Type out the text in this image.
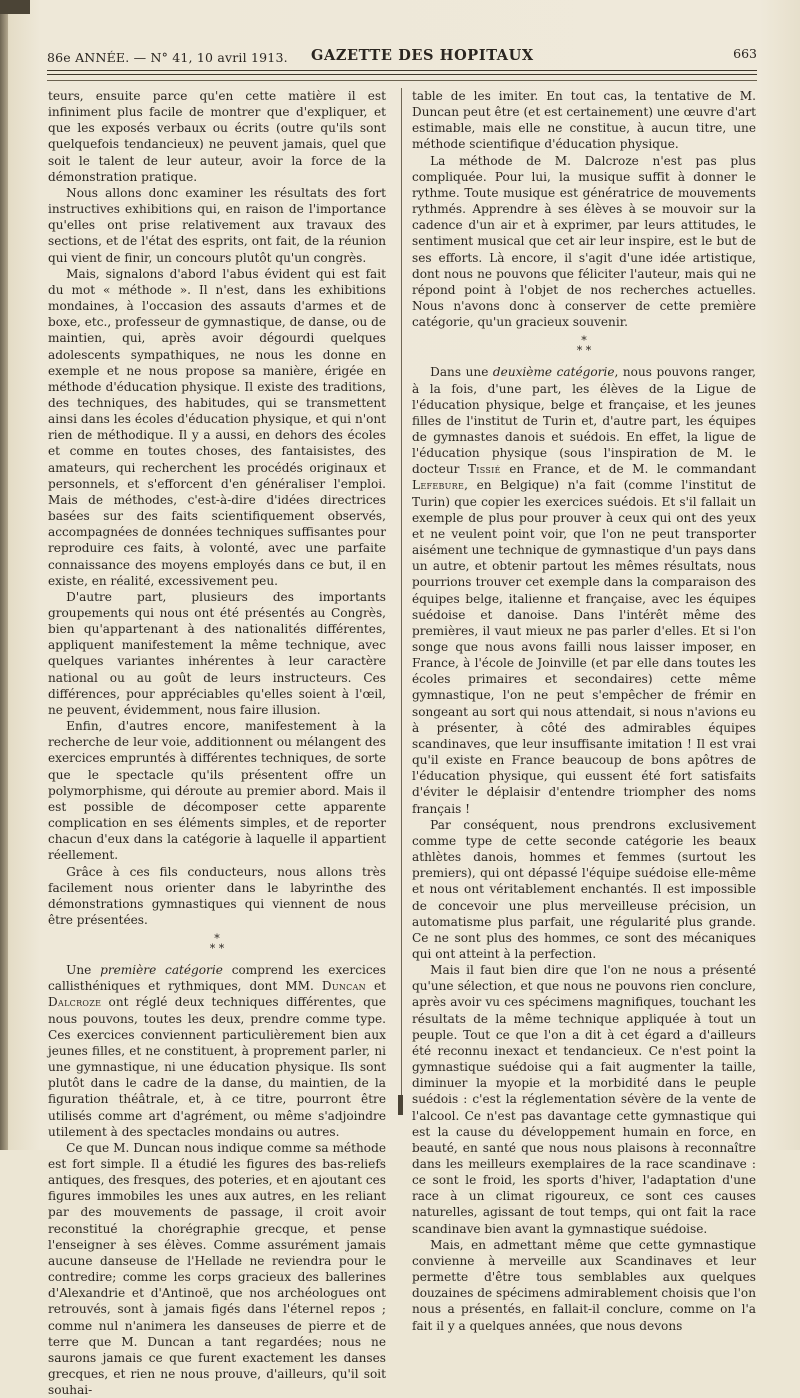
86e ANNÉE. — N° 41, 10 avril 1913. GAZETTE DES HOPITAUX	663

teurs, ensuite parce qu'en cette matière il est infiniment plus facile de montrer que d'expliquer, et que les exposés verbaux ou écrits (outre qu'ils sont quelquefois tendancieux) ne peuvent jamais, quel que soit le talent de leur auteur, avoir la force de la démonstration pratique.

Nous allons donc examiner les résultats des fort instructives exhibitions qui, en raison de l'importance qu'elles ont prise relativement aux travaux des sections, et de l'état des esprits, ont fait, de la réunion qui vient de finir, un concours plutôt qu'un congrès.

Mais, signalons d'abord l'abus évident qui est fait du mot « méthode ». Il n'est, dans les exhibitions mondaines, à l'occasion des assauts d'armes et de boxe, etc., professeur de gymnastique, de danse, ou de maintien, qui, après avoir dégourdi quelques adolescents sympathiques, ne nous les donne en exemple et ne nous propose sa manière, érigée en méthode d'éducation physique. Il existe des traditions, des techniques, des habitudes, qui se transmettent ainsi dans les écoles d'éducation physique, et qui n'ont rien de méthodique. Il y a aussi, en dehors des écoles et comme en toutes choses, des fantaisistes, des amateurs, qui recherchent les procédés originaux et personnels, et s'efforcent d'en généraliser l'emploi. Mais de méthodes, c'est-à-dire d'idées directrices basées sur des faits scientifiquement observés, accompagnées de données techniques suffisantes pour reproduire ces faits, à volonté, avec une parfaite connaissance des moyens employés dans ce but, il en existe, en réalité, excessivement peu.

D'autre part, plusieurs des importants groupements qui nous ont été présentés au Congrès, bien qu'appartenant à des nationalités différentes, appliquent manifestement la même technique, avec quelques variantes inhérentes à leur caractère national ou au goût de leurs instructeurs. Ces différences, pour appréciables qu'elles soient à l'œil, ne peuvent, évidemment, nous faire illusion.

Enfin, d'autres encore, manifestement à la recherche de leur voie, additionnent ou mélangent des exercices empruntés à différentes techniques, de sorte que le spectacle qu'ils présentent offre un polymorphisme, qui déroute au premier abord. Mais il est possible de décomposer cette apparente complication en ses éléments simples, et de reporter chacun d'eux dans la catégorie à laquelle il appartient réellement.

Grâce à ces fils conducteurs, nous allons très facilement nous orienter dans le labyrinthe des démonstrations gymnastiques qui viennent de nous être présentées.

*
* *

Une première catégorie comprend les exercices callisthéniques et rythmiques, dont MM. Duncan et Dalcroze ont réglé deux techniques différentes, que nous pouvons, toutes les deux, prendre comme type. Ces exercices conviennent particulièrement bien aux jeunes filles, et ne constituent, à proprement parler, ni une gymnastique, ni une éducation physique. Ils sont plutôt dans le cadre de la danse, du maintien, de la figuration théâtrale, et, à ce titre, pourront être utilisés comme art d'agrément, ou même s'adjoindre utilement à des spectacles mondains ou autres.

Ce que M. Duncan nous indique comme sa méthode est fort simple. Il a étudié les figures des bas-reliefs antiques, des fresques, des poteries, et en ajoutant ces figures immobiles les unes aux autres, en les reliant par des mouvements de passage, il croit avoir reconstitué la chorégraphie grecque, et pense l'enseigner à ses élèves. Comme assurément jamais aucune danseuse de l'Hellade ne reviendra pour le contredire; comme les corps gracieux des ballerines d'Alexandrie et d'Antinoë, que nos archéologues ont retrouvés, sont à jamais figés dans l'éternel repos ; comme nul n'animera les danseuses de pierre et de terre que M. Duncan a tant regardées; nous ne saurons jamais ce que furent exactement les danses grecques, et rien ne nous prouve, d'ailleurs, qu'il soit souhai-

table de les imiter. En tout cas, la tentative de M. Duncan peut être (et est certainement) une œuvre d'art estimable, mais elle ne constitue, à aucun titre, une méthode scientifique d'éducation physique.

La méthode de M. Dalcroze n'est pas plus compliquée. Pour lui, la musique suffit à donner le rythme. Toute musique est génératrice de mouvements rythmés. Apprendre à ses élèves à se mouvoir sur la cadence d'un air et à exprimer, par leurs attitudes, le sentiment musical que cet air leur inspire, est le but de ses efforts. Là encore, il s'agit d'une idée artistique, dont nous ne pouvons que féliciter l'auteur, mais qui ne répond point à l'objet de nos recherches actuelles. Nous n'avons donc à conserver de cette première catégorie, qu'un gracieux souvenir.

*
* *

Dans une deuxième catégorie, nous pouvons ranger, à la fois, d'une part, les élèves de la Ligue de l'éducation physique, belge et française, et les jeunes filles de l'institut de Turin et, d'autre part, les équipes de gymnastes danois et suédois. En effet, la ligue de l'éducation physique (sous l'inspiration de M. le docteur Tissié en France, et de M. le commandant Lefebure, en Belgique) n'a fait (comme l'institut de Turin) que copier les exercices suédois. Et s'il fallait un exemple de plus pour prouver à ceux qui ont des yeux et ne veulent point voir, que l'on ne peut transporter aisément une technique de gymnastique d'un pays dans un autre, et obtenir partout les mêmes résultats, nous pourrions trouver cet exemple dans la comparaison des équipes belge, italienne et française, avec les équipes suédoise et danoise. Dans l'intérêt même des premières, il vaut mieux ne pas parler d'elles. Et si l'on songe que nous avons failli nous laisser imposer, en France, à l'école de Joinville (et par elle dans toutes les écoles primaires et secondaires) cette même gymnastique, l'on ne peut s'empêcher de frémir en songeant au sort qui nous attendait, si nous n'avions eu à présenter, à côté des admirables équipes scandinaves, que leur insuffisante imitation ! Il est vrai qu'il existe en France beaucoup de bons apôtres de l'éducation physique, qui eussent été fort satisfaits d'éviter le déplaisir d'entendre triompher des noms français !

Par conséquent, nous prendrons exclusivement comme type de cette seconde catégorie les beaux athlètes danois, hommes et femmes (surtout les premiers), qui ont dépassé l'équipe suédoise elle-même et nous ont véritablement enchantés. Il est impossible de concevoir une plus merveilleuse précision, un automatisme plus parfait, une régularité plus grande. Ce ne sont plus des hommes, ce sont des mécaniques qui ont atteint à la perfection.

Mais il faut bien dire que l'on ne nous a présenté qu'une sélection, et que nous ne pouvons rien conclure, après avoir vu ces spécimens magnifiques, touchant les résultats de la même technique appliquée à tout un peuple. Tout ce que l'on a dit à cet égard a d'ailleurs été reconnu inexact et tendancieux. Ce n'est point la gymnastique suédoise qui a fait augmenter la taille, diminuer la myopie et la morbidité dans le peuple suédois : c'est la réglementation sévère de la vente de l'alcool. Ce n'est pas davantage cette gymnastique qui est la cause du développement humain en force, en beauté, en santé que nous nous plaisons à reconnaître dans les meilleurs exemplaires de la race scandinave : ce sont le froid, les sports d'hiver, l'adaptation d'une race à un climat rigoureux, ce sont ces causes naturelles, agissant de tout temps, qui ont fait la race scandinave bien avant la gymnastique suédoise.

Mais, en admettant même que cette gymnastique convienne à merveille aux Scandinaves et leur permette d'être tous semblables aux quelques douzaines de spécimens admirablement choisis que l'on nous a présentés, en fallait-il conclure, comme on l'a fait il y a quelques années, que nous devons
